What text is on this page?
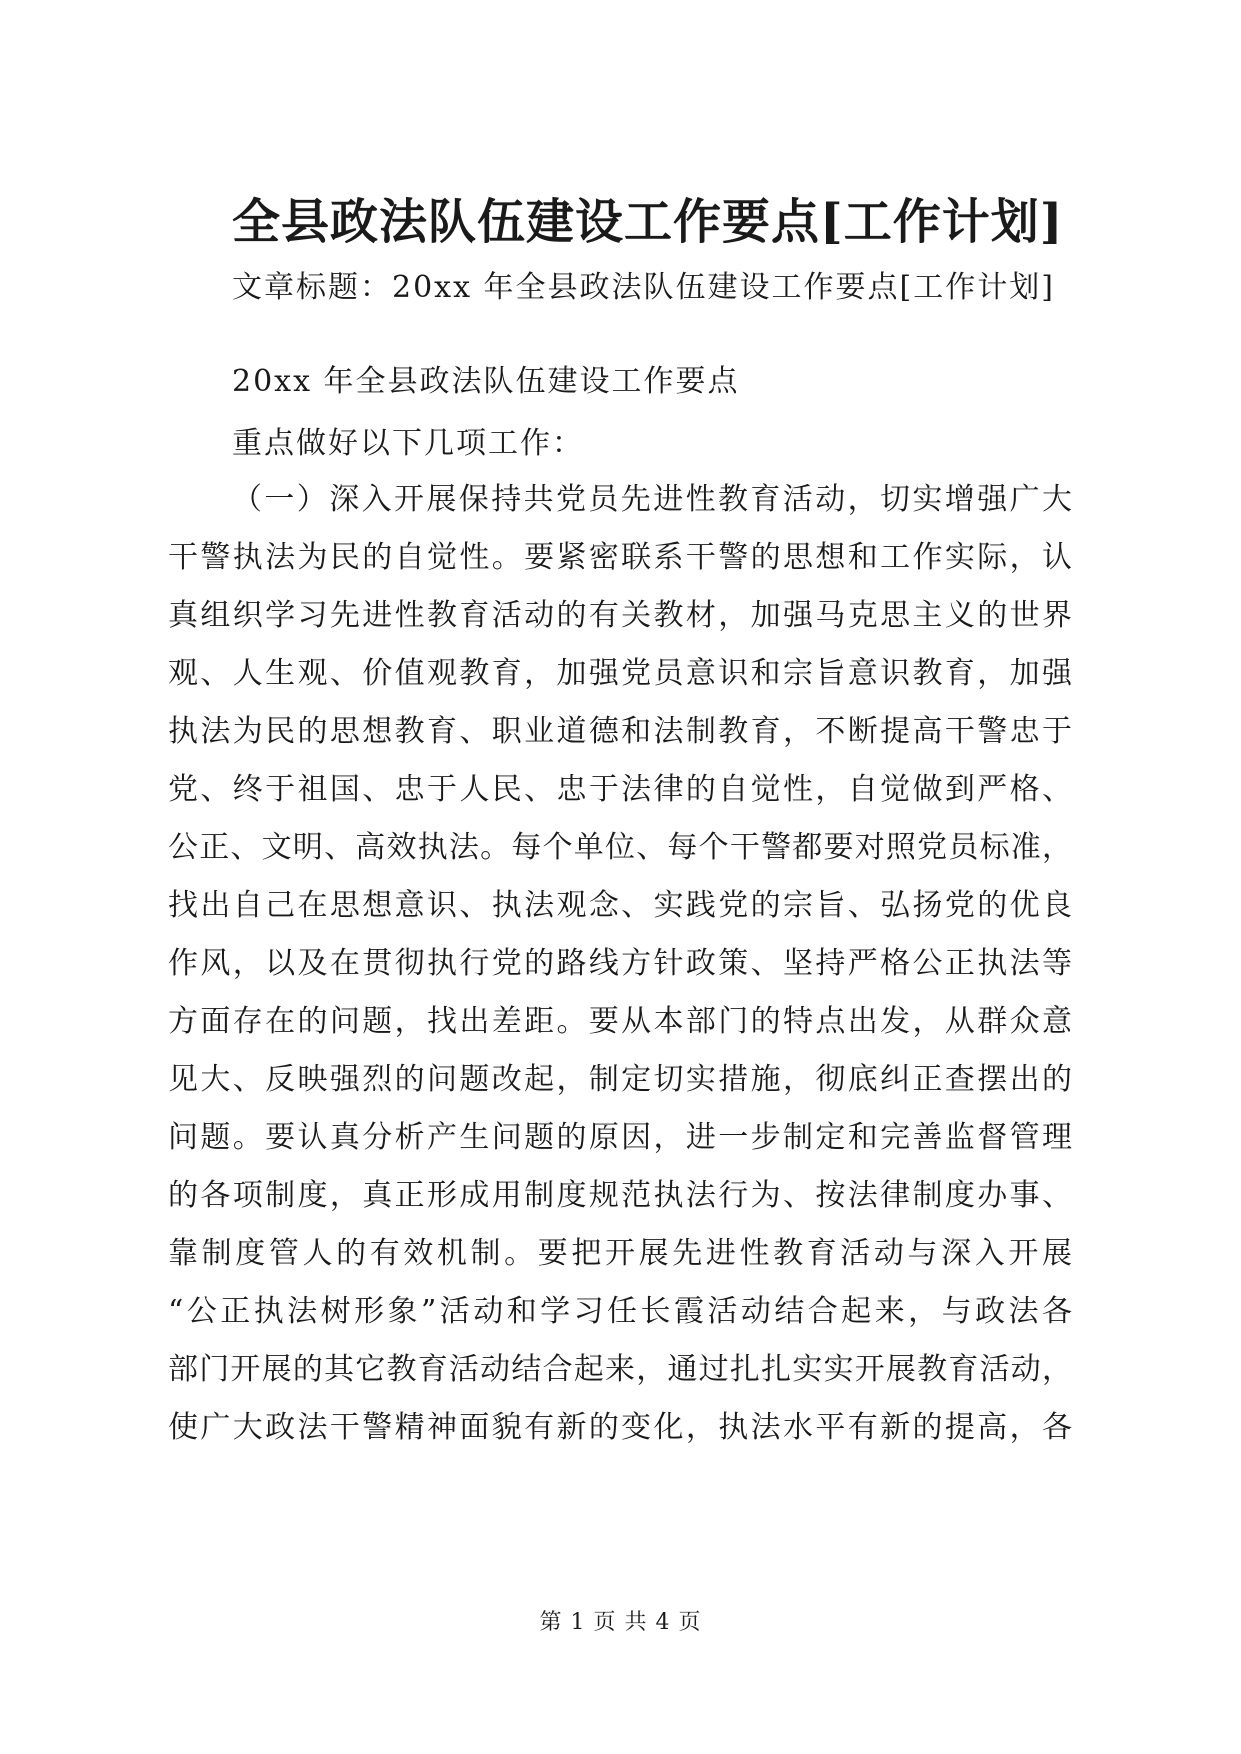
全县政法队伍建设工作要点[工作计划]
文章标题：20xx 年全县政法队伍建设工作要点[工作计划]
20xx 年全县政法队伍建设工作要点
重点做好以下几项工作：
（一）深入开展保持共党员先进性教育活动，切实增强广大
干警执法为民的自觉性。要紧密联系干警的思想和工作实际，认
真组织学习先进性教育活动的有关教材，加强马克思主义的世界
观、人生观、价值观教育，加强党员意识和宗旨意识教育，加强
执法为民的思想教育、职业道德和法制教育，不断提高干警忠于
党、终于祖国、忠于人民、忠于法律的自觉性，自觉做到严格、
公正、文明、高效执法。每个单位、每个干警都要对照党员标准，
找出自己在思想意识、执法观念、实践党的宗旨、弘扬党的优良
作风，以及在贯彻执行党的路线方针政策、坚持严格公正执法等
方面存在的问题，找出差距。要从本部门的特点出发，从群众意
见大、反映强烈的问题改起，制定切实措施，彻底纠正查摆出的
问题。要认真分析产生问题的原因，进一步制定和完善监督管理
的各项制度，真正形成用制度规范执法行为、按法律制度办事、
靠制度管人的有效机制。要把开展先进性教育活动与深入开展
“公正执法树形象”活动和学习任长霞活动结合起来，与政法各
部门开展的其它教育活动结合起来，通过扎扎实实开展教育活动，
使广大政法干警精神面貌有新的变化，执法水平有新的提高，各
第 1 页 共 4 页
